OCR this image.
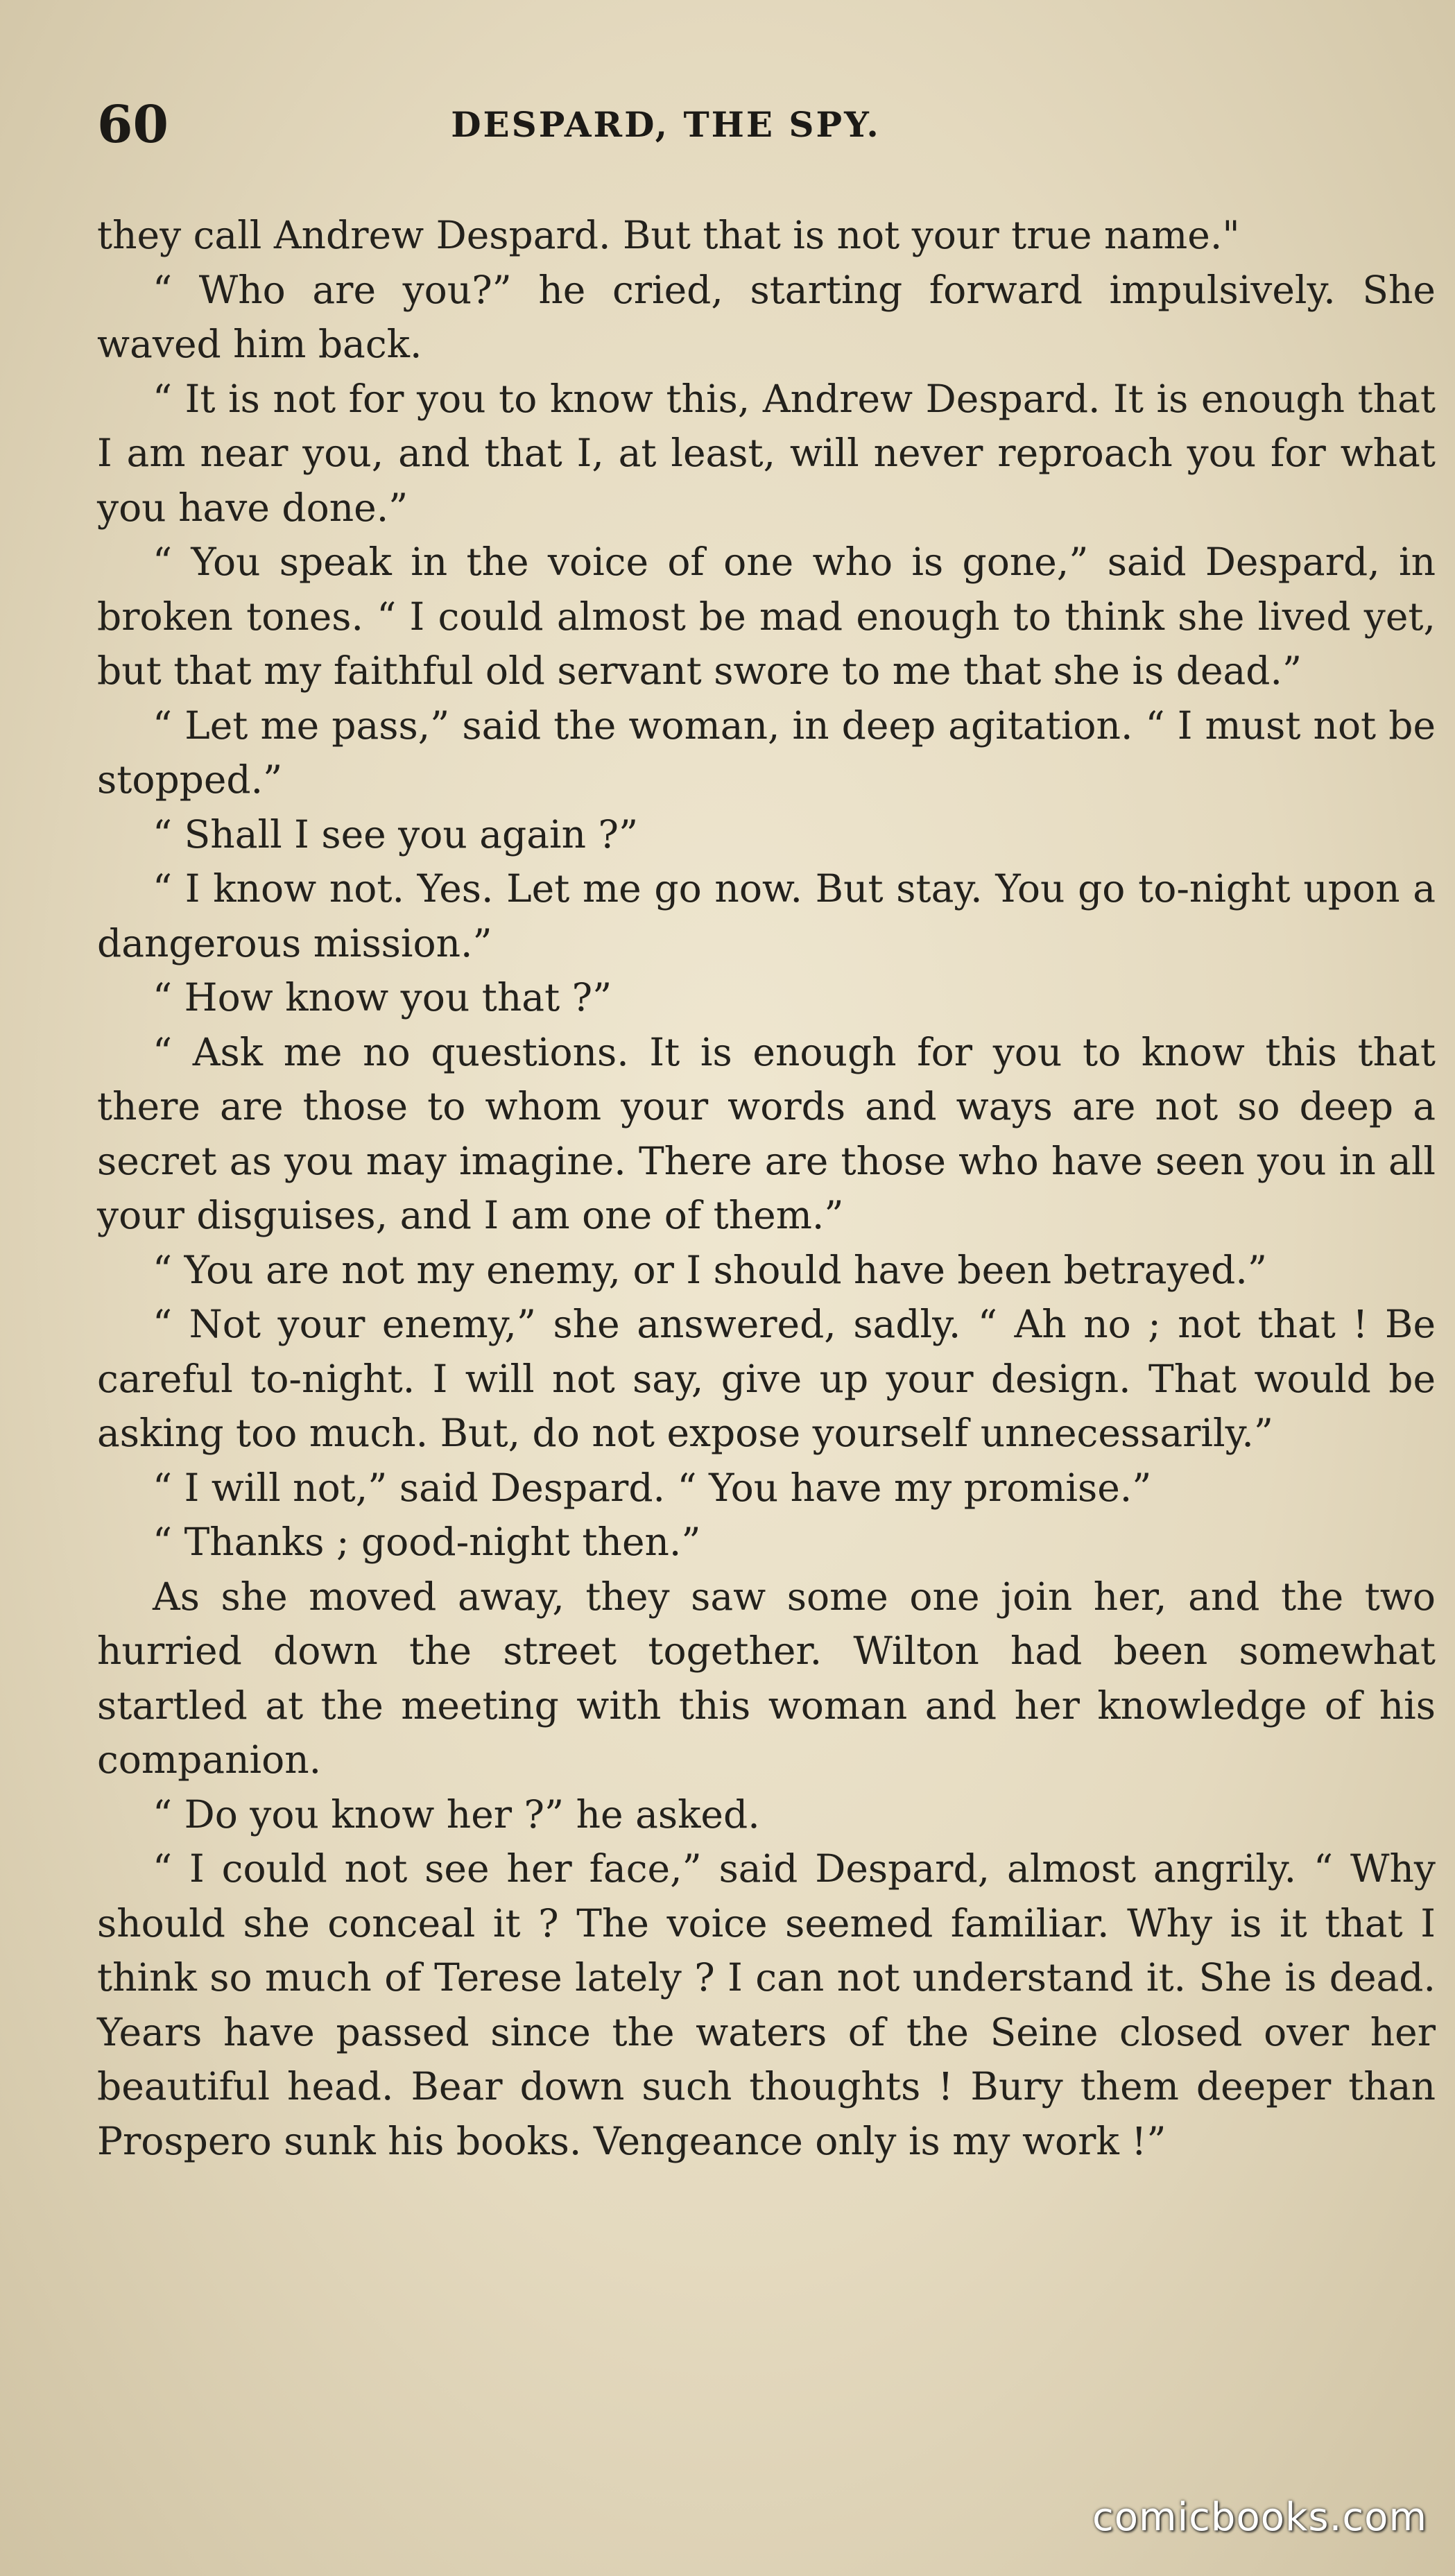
60	DESPARD, THE SPY.

they call Andrew Despard. But that is not your true name."

“ Who are you?” he cried, starting forward impulsively. She waved him back.

“ It is not for you to know this, Andrew Despard. It is enough that I am near you, and that I, at least, will never reproach you for what you have done.”

“ You speak in the voice of one who is gone,” said Despard, in broken tones. “ I could almost be mad enough to think she lived yet, but that my faithful old servant swore to me that she is dead.”

“ Let me pass,” said the woman, in deep agitation. “ I must not be stopped.”

“ Shall I see you again ?”

“ I know not. Yes. Let me go now. But stay. You go to-night upon a dangerous mission.”

“ How know you that ?”

“ Ask me no questions. It is enough for you to know this that there are those to whom your words and ways are not so deep a secret as you may imagine. There are those who have seen you in all your disguises, and I am one of them.”

“ You are not my enemy, or I should have been betrayed.”

“ Not your enemy,” she answered, sadly. “ Ah no ; not that ! Be careful to-night. I will not say, give up your design. That would be asking too much. But, do not expose yourself unnecessarily.”

“ I will not,” said Despard. “ You have my promise.”

“ Thanks ; good-night then.”

As she moved away, they saw some one join her, and the two hurried down the street together. Wilton had been somewhat startled at the meeting with this woman and her knowledge of his companion.

“ Do you know her ?” he asked.

“ I could not see her face,” said Despard, almost angrily. “ Why should she conceal it ? The voice seemed familiar. Why is it that I think so much of Terese lately ? I can not understand it. She is dead. Years have passed since the waters of the Seine closed over her beautiful head. Bear down such thoughts ! Bury them deeper than Prospero sunk his books. Vengeance only is my work !”

comicbooks.com
